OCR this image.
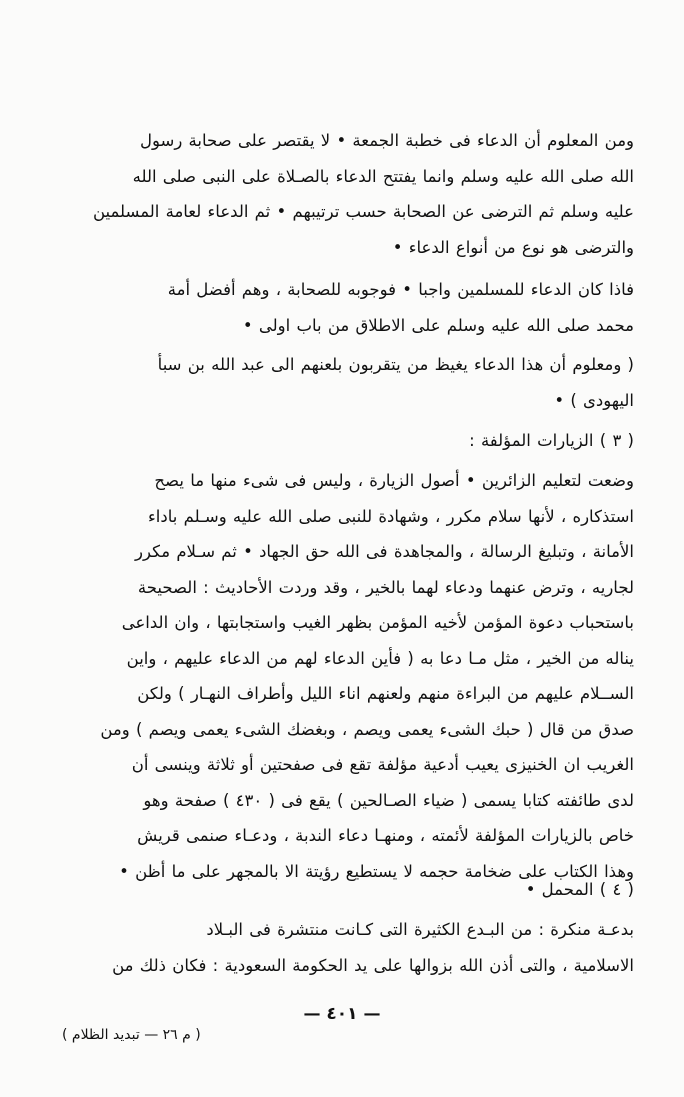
ومن المعلوم أن الدعاء فى خطبة الجمعة • لا يقتصر على صحابة رسول
الله صلى الله عليه وسلم وانما يفتتح الدعاء بالصـلاة على النبى صلى الله
عليه وسلم ثم الترضى عن الصحابة حسب ترتيبهم • ثم الدعاء لعامة المسلمين
والترضى هو نوع من أنواع الدعاء •
فاذا كان الدعاء للمسلمين واجبا • فوجوبه للصحابة ، وهم أفضل أمة
محمد صلى الله عليه وسلم على الاطلاق من باب اولى •
( ومعلوم أن هذا الدعاء يغيظ من يتقربون بلعنهم الى عبد الله بن سبأ
اليهودى ) •
( ٣ ) الزيارات المؤلفة :
وضعت لتعليم الزائرين • أصول الزيارة ، وليس فى شىء منها ما يصح
استذكاره ، لأنها سلام مكرر ، وشهادة للنبى صلى الله عليه وسـلم باداء
الأمانة ، وتبليغ الرسالة ، والمجاهدة فى الله حق الجهاد • ثم سـلام مكرر
لجاريه ، وترض عنهما ودعاء لهما بالخير ، وقد وردت الأحاديث : الصحيحة
باستحباب دعوة المؤمن لأخيه المؤمن بظهر الغيب واستجابتها ، وان الداعى
يناله من الخير ، مثل مـا دعا به ( فأين الدعاء لهم من الدعاء عليهم ، واين
الســلام عليهم من البراءة منهم ولعنهم اناء الليل وأطراف النهـار ) ولكن
صدق من قال ( حبك الشىء يعمى ويصم ، وبغضك الشىء يعمى ويصم ) ومن
الغريب ان الخنيزى يعيب أدعية مؤلفة تقع فى صفحتين أو ثلاثة وينسى أن
لدى طائفته كتابا يسمى ( ضياء الصـالحين ) يقع فى ( ٤٣٠ ) صفحة وهو
خاص بالزيارات المؤلفة لأئمته ، ومنهـا دعاء الندبة ، ودعـاء صنمى قريش
وهذا الكتاب على ضخامة حجمه لا يستطيع رؤيتة الا بالمجهر على ما أظن •
( ٤ ) المحمل •
بدعـة منكرة : من البـدع الكثيرة التى كـانت منتشرة فى البـلاد
الاسلامية ، والتى أذن الله بزوالها على يد الحكومة السعودية : فكان ذلك من
— ٤٠١ —
( م ٢٦ — تبديد الظلام )
